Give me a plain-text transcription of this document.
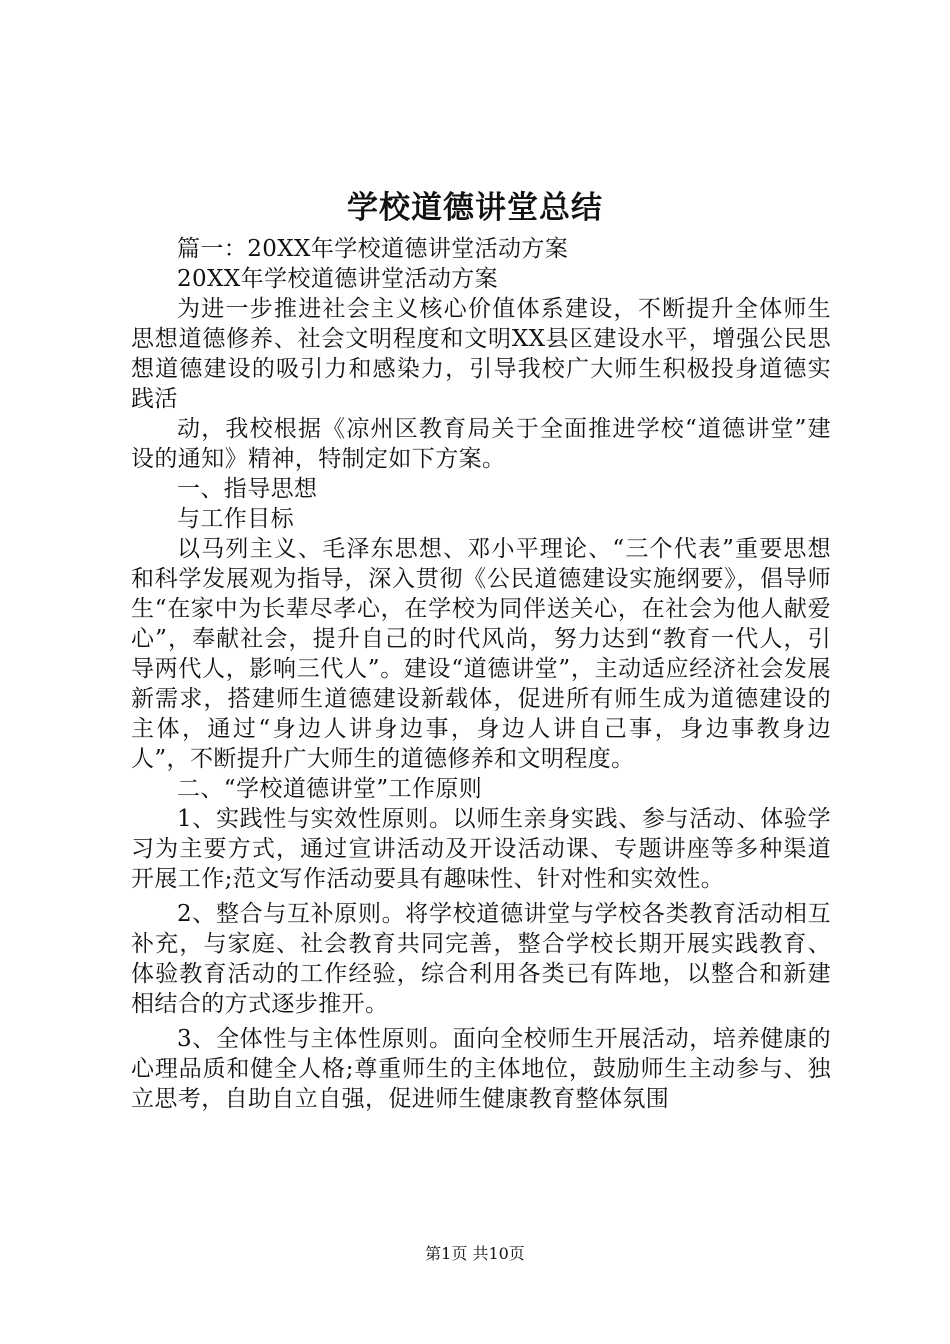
学校道德讲堂总结

篇一：20XX年学校道德讲堂活动方案

20XX年学校道德讲堂活动方案

为进一步推进社会主义核心价值体系建设，不断提升全体师生思想道德修养、社会文明程度和文明XX县区建设水平，增强公民思想道德建设的吸引力和感染力，引导我校广大师生积极投身道德实践活

动，我校根据《凉州区教育局关于全面推进学校“道德讲堂”建设的通知》精神，特制定如下方案。

一、指导思想

与工作目标

以马列主义、毛泽东思想、邓小平理论、“三个代表”重要思想和科学发展观为指导，深入贯彻《公民道德建设实施纲要》，倡导师生“在家中为长辈尽孝心，在学校为同伴送关心，在社会为他人献爱心”，奉献社会，提升自己的时代风尚，努力达到“教育一代人，引导两代人，影响三代人”。建设“道德讲堂”，主动适应经济社会发展新需求，搭建师生道德建设新载体，促进所有师生成为道德建设的主体，通过“身边人讲身边事，身边人讲自己事，身边事教身边人”，不断提升广大师生的道德修养和文明程度。

二、“学校道德讲堂”工作原则

1、实践性与实效性原则。以师生亲身实践、参与活动、体验学习为主要方式，通过宣讲活动及开设活动课、专题讲座等多种渠道开展工作;范文写作活动要具有趣味性、针对性和实效性。

2、整合与互补原则。将学校道德讲堂与学校各类教育活动相互补充，与家庭、社会教育共同完善，整合学校长期开展实践教育、体验教育活动的工作经验，综合利用各类已有阵地，以整合和新建相结合的方式逐步推开。

3、全体性与主体性原则。面向全校师生开展活动，培养健康的心理品质和健全人格;尊重师生的主体地位，鼓励师生主动参与、独立思考，自助自立自强，促进师生健康教育整体氛围

第1页 共10页
